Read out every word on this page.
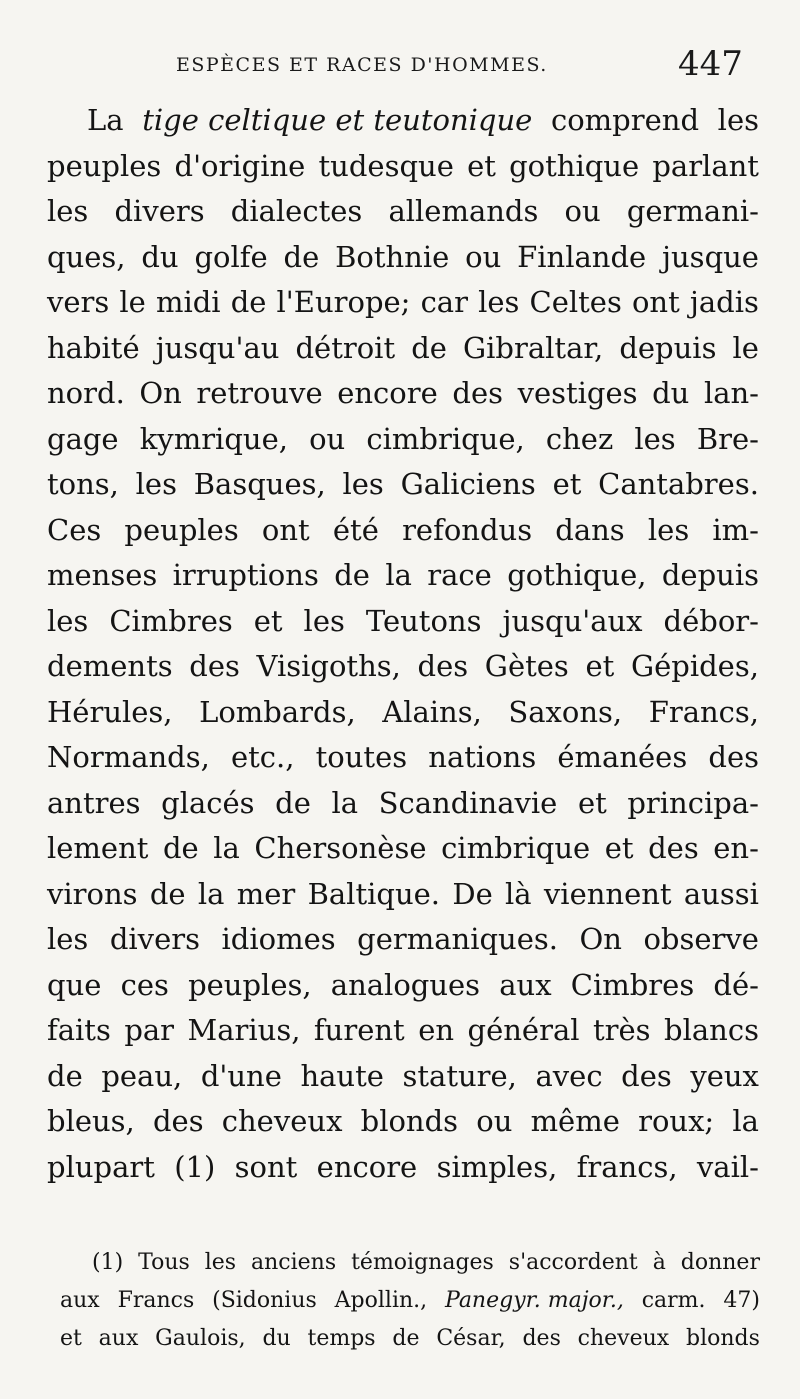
ESPÈCES ET RACES D'HOMMES.	447
La tige celtique et teutonique comprend les
peuples d'origine tudesque et gothique parlant
les divers dialectes allemands ou germani-
ques, du golfe de Bothnie ou Finlande jusque
vers le midi de l'Europe; car les Celtes ont jadis
habité jusqu'au détroit de Gibraltar, depuis le
nord. On retrouve encore des vestiges du lan-
gage kymrique, ou cimbrique, chez les Bre-
tons, les Basques, les Galiciens et Cantabres.
Ces peuples ont été refondus dans les im-
menses irruptions de la race gothique, depuis
les Cimbres et les Teutons jusqu'aux débor-
dements des Visigoths, des Gètes et Gépides,
Hérules, Lombards, Alains, Saxons, Francs,
Normands, etc., toutes nations émanées des
antres glacés de la Scandinavie et principa-
lement de la Chersonèse cimbrique et des en-
virons de la mer Baltique. De là viennent aussi
les divers idiomes germaniques. On observe
que ces peuples, analogues aux Cimbres dé-
faits par Marius, furent en général très blancs
de peau, d'une haute stature, avec des yeux
bleus, des cheveux blonds ou même roux; la
plupart (1) sont encore simples, francs, vail-
(1) Tous les anciens témoignages s'accordent à donner
aux Francs (Sidonius Apollin., Panegyr. major., carm. 47)
et aux Gaulois, du temps de César, des cheveux blonds
